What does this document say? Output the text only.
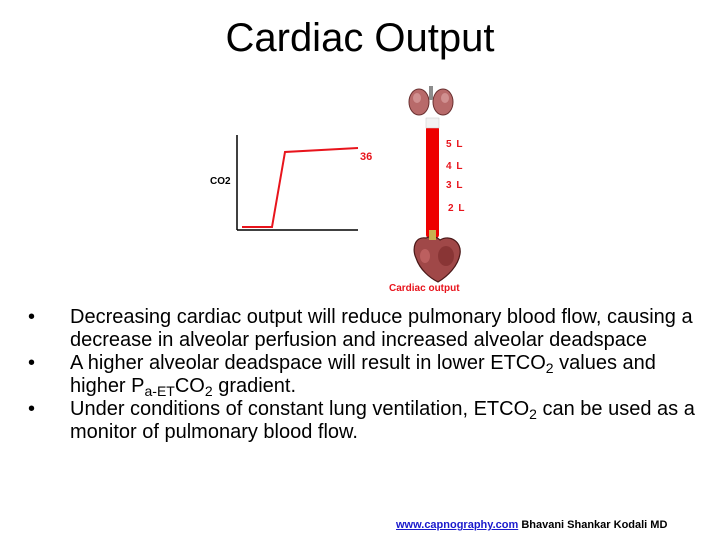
Cardiac Output
CO2
36
5 L
4 L
3 L
2 L
Cardiac output
•	Decreasing cardiac output will reduce pulmonary blood flow, causing a decrease in alveolar perfusion and increased alveolar deadspace
•	A higher alveolar deadspace will result in lower $ETCO_2$ values and higher $P_{a-ET}CO_2$ gradient.
•	Under conditions of constant lung ventilation, $ETCO_2$ can be used as a monitor of pulmonary blood flow.
www.capnography.com Bhavani Shankar Kodali MD
